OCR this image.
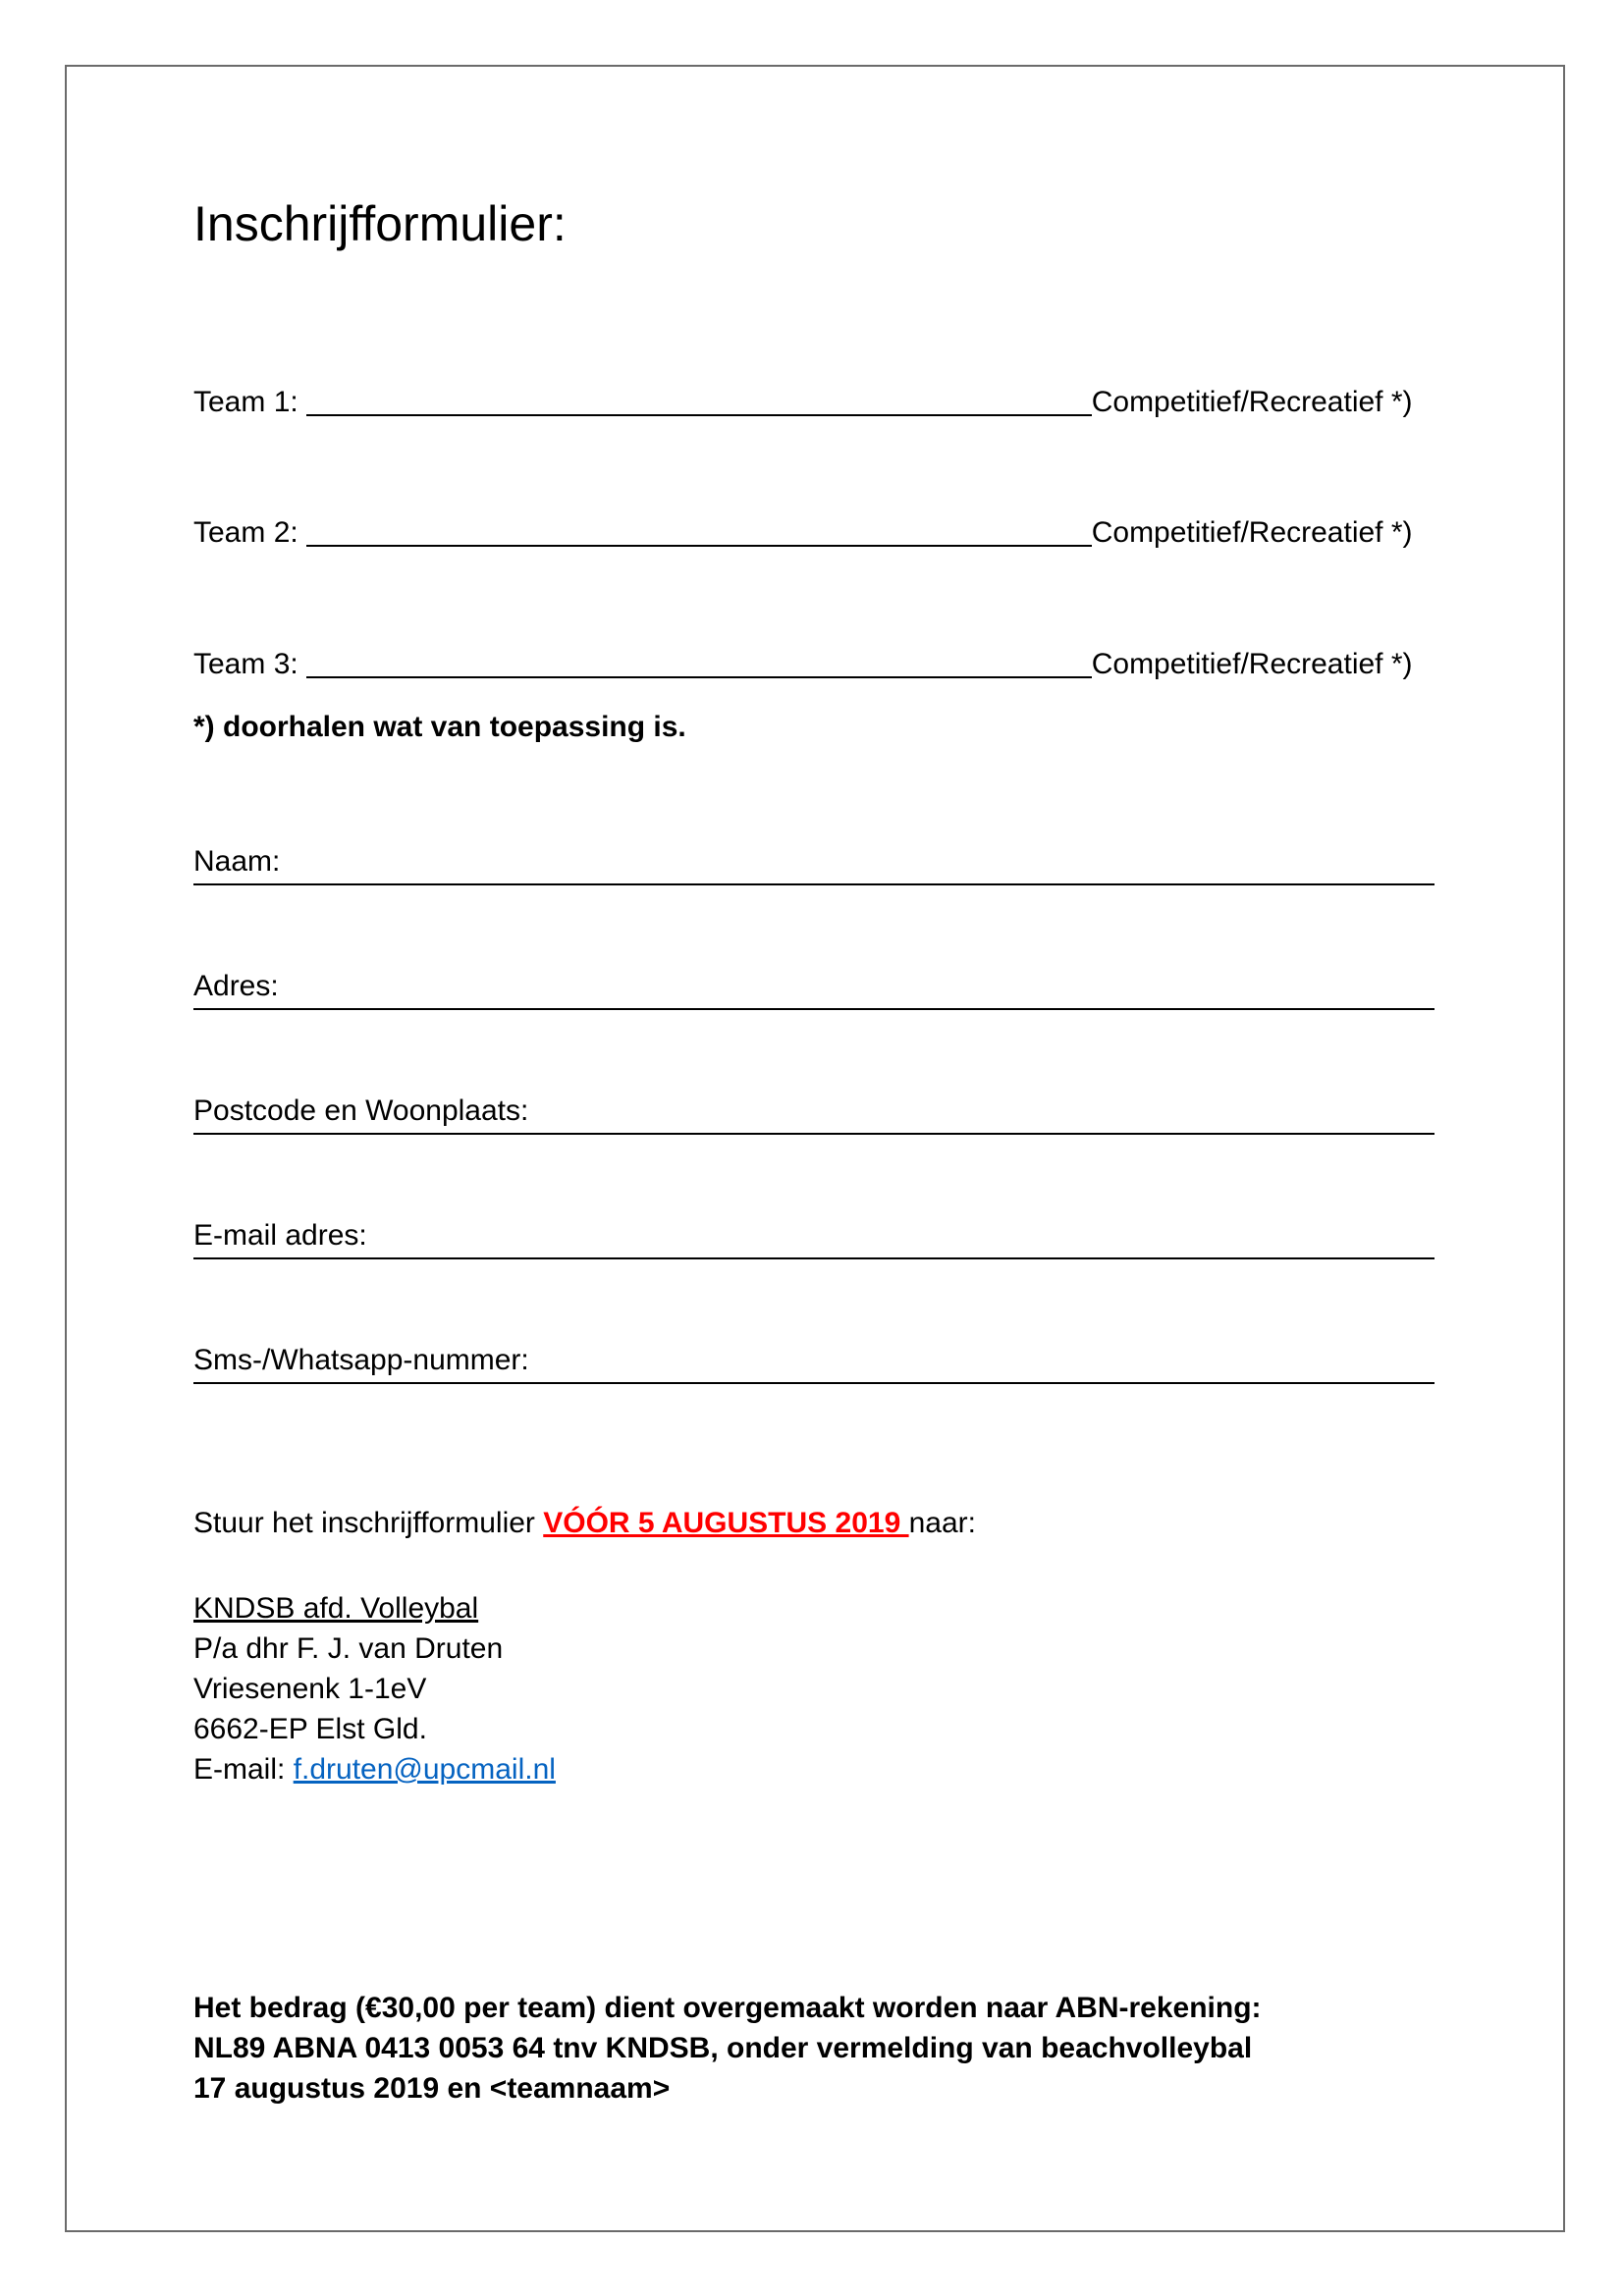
Inschrijfformulier:
Team 1:	Competitief/Recreatief *)
Team 2:	Competitief/Recreatief *)
Team 3:	Competitief/Recreatief *)
*) doorhalen wat van toepassing is.
Naam:
Adres:
Postcode en Woonplaats:
E-mail adres:
Sms-/Whatsapp-nummer:
Stuur het inschrijfformulier VÓÓR 5 AUGUSTUS 2019 naar:
KNDSB afd. Volleybal
P/a dhr F. J. van Druten
Vriesenenk 1-1eV
6662-EP Elst Gld.
E-mail: f.druten@upcmail.nl
Het bedrag (€30,00 per team) dient overgemaakt worden naar ABN-rekening:
NL89 ABNA 0413 0053 64 tnv KNDSB, onder vermelding van beachvolleybal
17 augustus 2019 en <teamnaam>
